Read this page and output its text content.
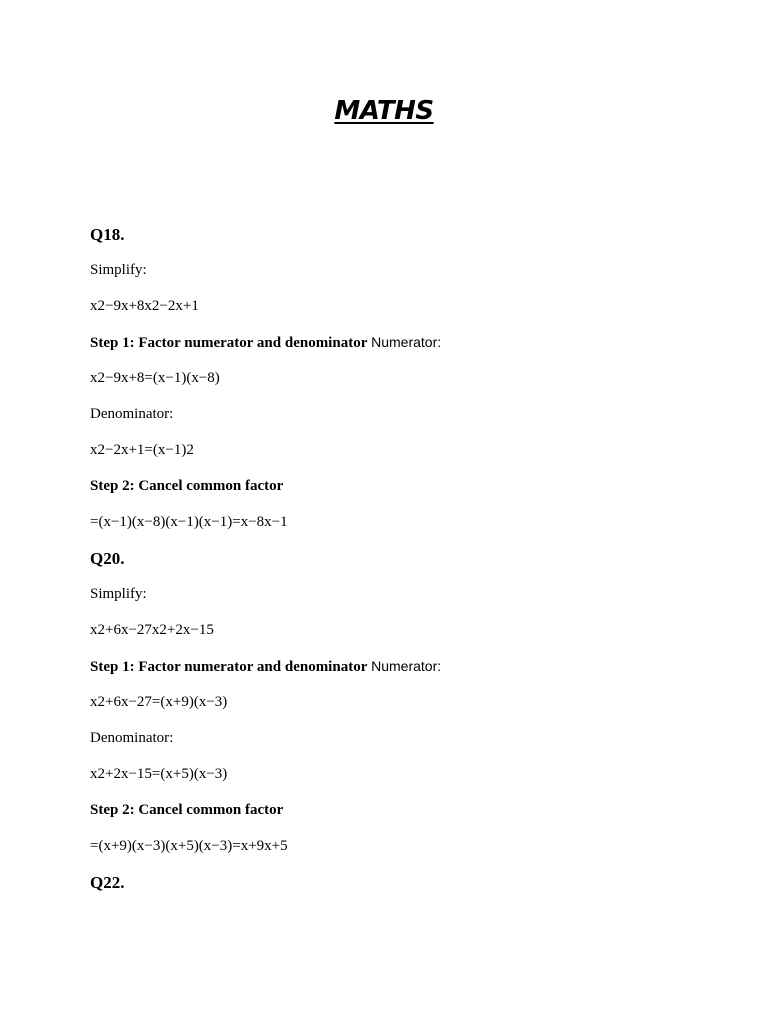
MATHS
Q18.
Simplify:
x2−9x+8x2−2x+1
Step 1: Factor numerator and denominator Numerator:
x2−9x+8=(x−1)(x−8)
Denominator:
x2−2x+1=(x−1)2
Step 2: Cancel common factor
=(x−1)(x−8)(x−1)(x−1)=x−8x−1
Q20.
Simplify:
x2+6x−27x2+2x−15
Step 1: Factor numerator and denominator Numerator:
x2+6x−27=(x+9)(x−3)
Denominator:
x2+2x−15=(x+5)(x−3)
Step 2: Cancel common factor
=(x+9)(x−3)(x+5)(x−3)=x+9x+5
Q22.
